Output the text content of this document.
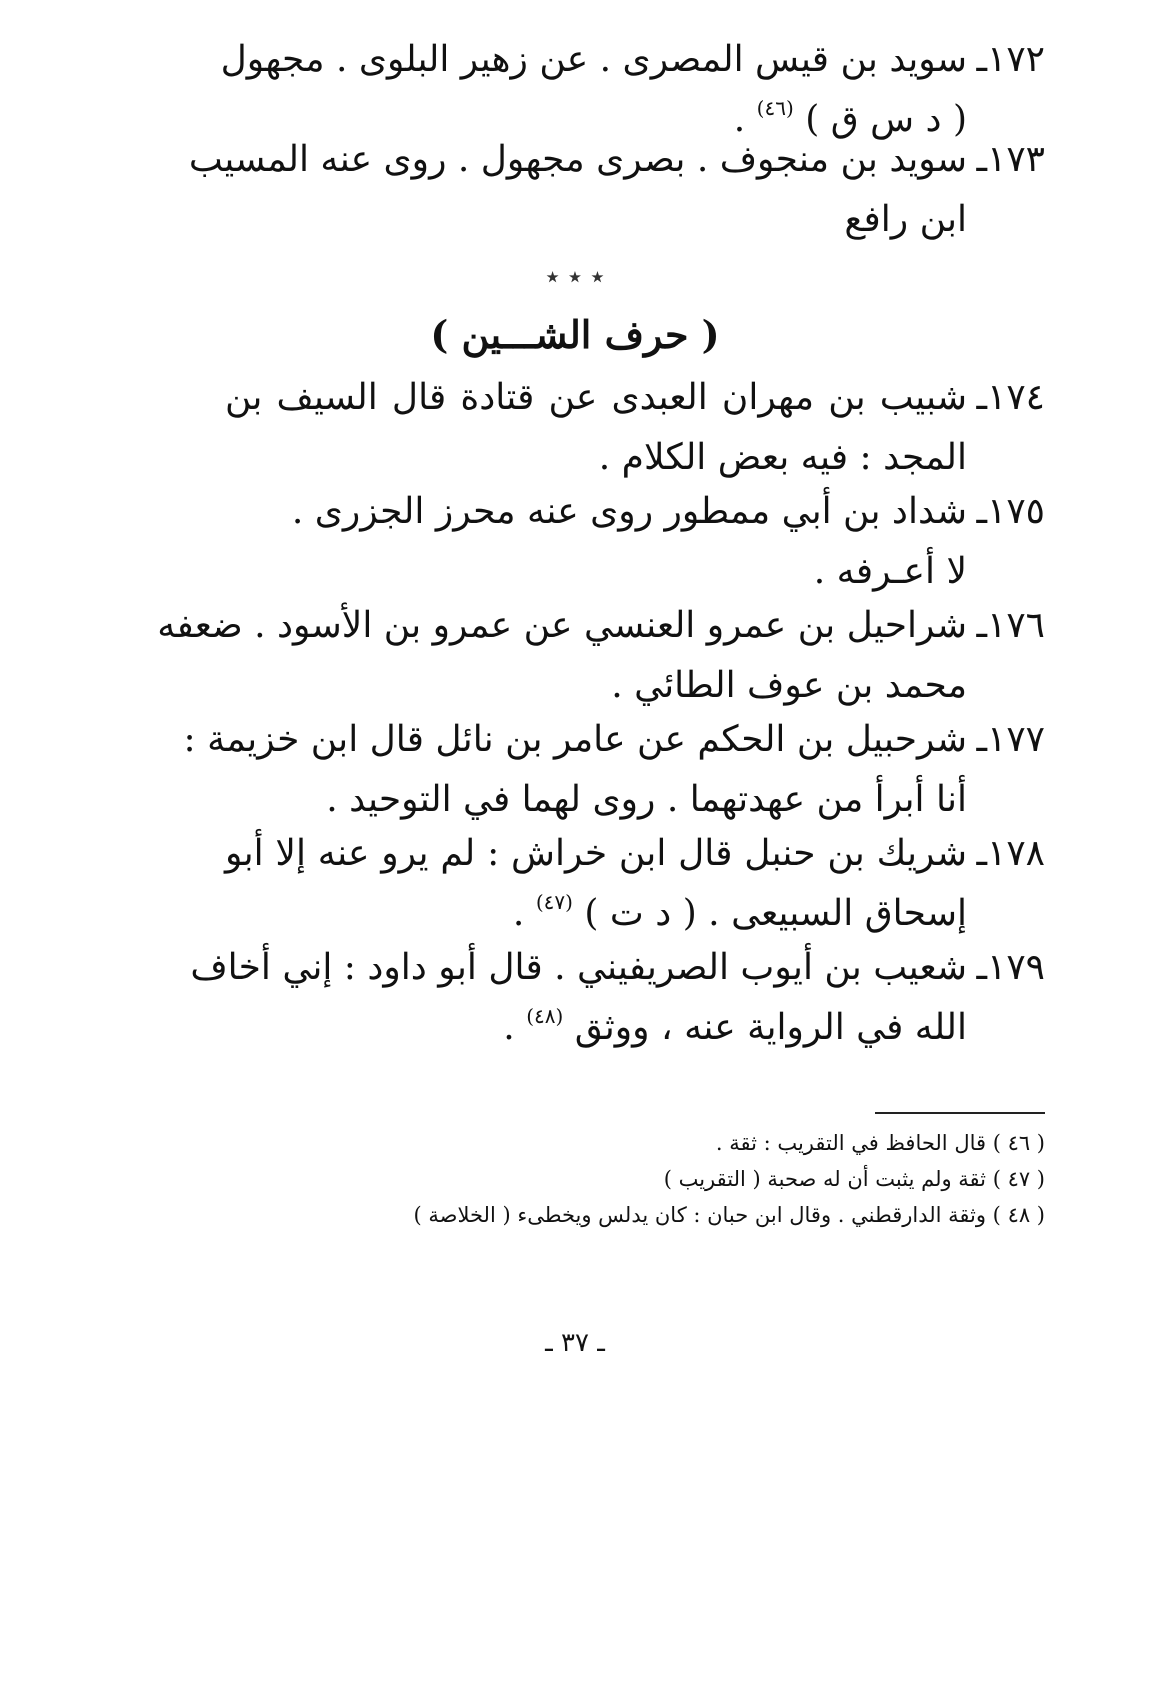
١٧٢ـ
سويد بن قيس المصرى . عن زهير البلوى . مجهول
( د س ق ) $^{(٤٦)}$ .
١٧٣ـ
سويد بن منجوف . بصرى مجهول . روى عنه المسيب
ابن رافع
٭ ٭ ٭
( حرف الشـــين )
١٧٤ـ
شبيب بن مهران العبدى عن قتادة قال السيف بن
المجد : فيه بعض الكلام .
١٧٥ـ
شداد بن أبي ممطور روى عنه محرز الجزرى .
لا أعـرفه .
١٧٦ـ
شراحيل بن عمرو العنسي عن عمرو بن الأسود . ضعفه
محمد بن عوف الطائي .
١٧٧ـ
شرحبيل بن الحكم عن عامر بن نائل قال ابن خزيمة :
أنا أبرأ من عهدتهما . روى لهما في التوحيد .
١٧٨ـ
شريك بن حنبل قال ابن خراش : لم يرو عنه إلا أبو
إسحاق السبيعى . ( د ت ) $^{(٤٧)}$ .
١٧٩ـ
شعيب بن أيوب الصريفيني . قال أبو داود : إني أخاف
الله في الرواية عنه ، ووثق $^{(٤٨)}$ .
( ٤٦ ) قال الحافظ في التقريب : ثقة .
( ٤٧ ) ثقة ولم يثبت أن له صحبة ( التقريب )
( ٤٨ ) وثقة الدارقطني . وقال ابن حبان : كان يدلس ويخطىء ( الخلاصة )
ـ ٣٧ ـ
